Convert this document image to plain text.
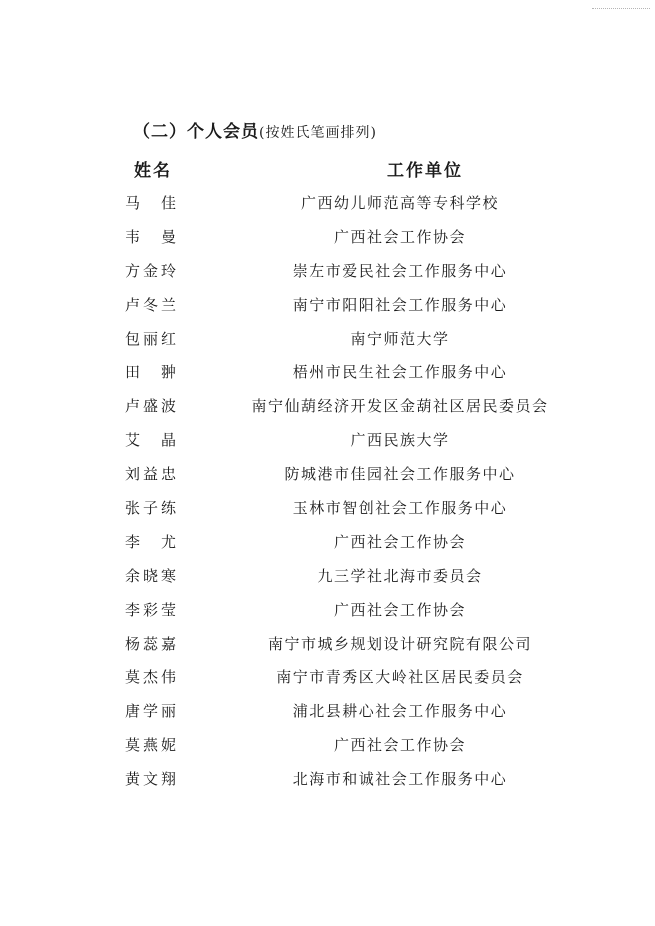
（二）个人会员(按姓氏笔画排列)
姓名	工作单位
马 佳	广西幼儿师范高等专科学校
韦 曼	广西社会工作协会
方金玲	崇左市爱民社会工作服务中心
卢冬兰	南宁市阳阳社会工作服务中心
包丽红	南宁师范大学
田 翀	梧州市民生社会工作服务中心
卢盛波	南宁仙葫经济开发区金葫社区居民委员会
艾 晶	广西民族大学
刘益忠	防城港市佳园社会工作服务中心
张子练	玉林市智创社会工作服务中心
李 尤	广西社会工作协会
余晓寒	九三学社北海市委员会
李彩莹	广西社会工作协会
杨蕊嘉	南宁市城乡规划设计研究院有限公司
莫杰伟	南宁市青秀区大岭社区居民委员会
唐学丽	浦北县耕心社会工作服务中心
莫燕妮	广西社会工作协会
黄文翔	北海市和诚社会工作服务中心
